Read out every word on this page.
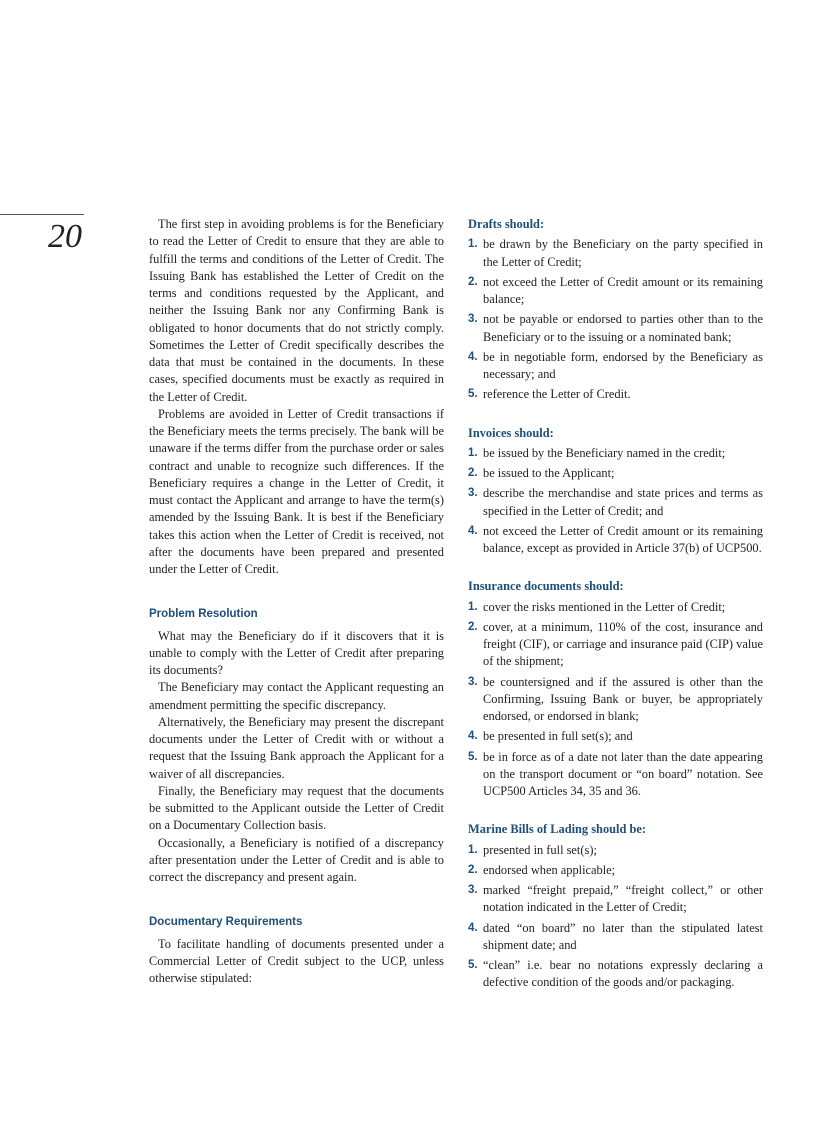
20	The first step in avoiding problems is for the Beneficiary to read the Letter of Credit to ensure that they are able to fulfill the terms and conditions of the Letter of Credit. The Issuing Bank has established the Letter of Credit on the terms and conditions requested by the Applicant, and neither the Issuing Bank nor any Confirming Bank is obligated to honor documents that do not strictly comply. Sometimes the Letter of Credit specifically describes the data that must be contained in the documents. In these cases, specified documents must be exactly as required in the Letter of Credit.

Problems are avoided in Letter of Credit transactions if the Beneficiary meets the terms precisely. The bank will be unaware if the terms differ from the purchase order or sales contract and unable to recognize such differences. If the Beneficiary requires a change in the Letter of Credit, it must contact the Applicant and arrange to have the term(s) amended by the Issuing Bank. It is best if the Beneficiary takes this action when the Letter of Credit is received, not after the documents have been prepared and presented under the Letter of Credit.

Problem Resolution

What may the Beneficiary do if it discovers that it is unable to comply with the Letter of Credit after preparing its documents?

The Beneficiary may contact the Applicant requesting an amendment permitting the specific discrepancy.

Alternatively, the Beneficiary may present the discrepant documents under the Letter of Credit with or without a request that the Issuing Bank approach the Applicant for a waiver of all discrepancies.

Finally, the Beneficiary may request that the documents be submitted to the Applicant outside the Letter of Credit on a Documentary Collection basis.

Occasionally, a Beneficiary is notified of a discrepancy after presentation under the Letter of Credit and is able to correct the discrepancy and present again.

Documentary Requirements

To facilitate handling of documents presented under a Commercial Letter of Credit subject to the UCP, unless otherwise stipulated:

Drafts should:
1. be drawn by the Beneficiary on the party specified in the Letter of Credit;
2. not exceed the Letter of Credit amount or its remaining balance;
3. not be payable or endorsed to parties other than to the Beneficiary or to the issuing or a nominated bank;
4. be in negotiable form, endorsed by the Beneficiary as necessary; and
5. reference the Letter of Credit.
Invoices should:
1. be issued by the Beneficiary named in the credit;
2. be issued to the Applicant;
3. describe the merchandise and state prices and terms as specified in the Letter of Credit; and
4. not exceed the Letter of Credit amount or its remaining balance, except as provided in Article 37(b) of UCP500.
Insurance documents should:
1. cover the risks mentioned in the Letter of Credit;
2. cover, at a minimum, 110% of the cost, insurance and freight (CIF), or carriage and insurance paid (CIP) value of the shipment;
3. be countersigned and if the assured is other than the Confirming, Issuing Bank or buyer, be appropriately endorsed, or endorsed in blank;
4. be presented in full set(s); and
5. be in force as of a date not later than the date appearing on the transport document or “on board” notation. See UCP500 Articles 34, 35 and 36.
Marine Bills of Lading should be:
1. presented in full set(s);
2. endorsed when applicable;
3. marked “freight prepaid,” “freight collect,” or other notation indicated in the Letter of Credit;
4. dated “on board” no later than the stipulated latest shipment date; and
5. “clean” i.e. bear no notations expressly declaring a defective condition of the goods and/or packaging.
